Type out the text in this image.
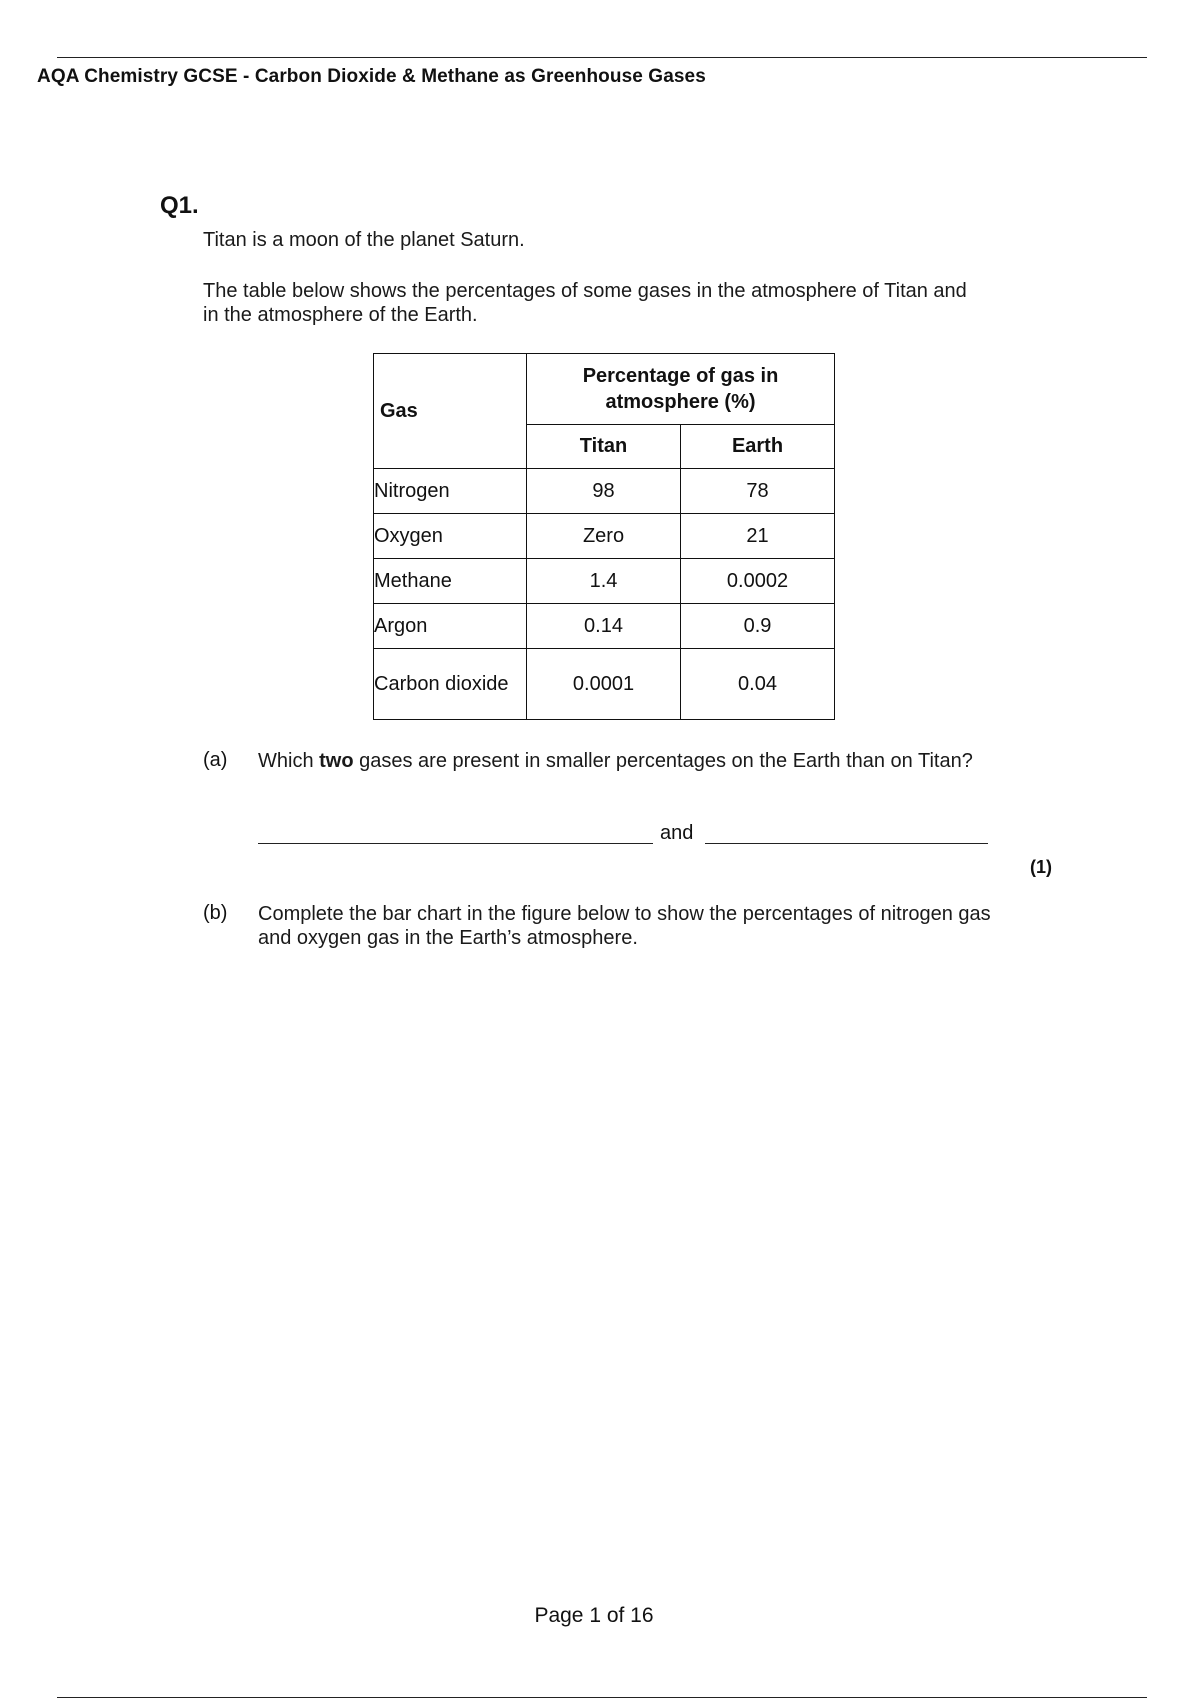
AQA Chemistry GCSE - Carbon Dioxide & Methane as Greenhouse Gases
Q1.
Titan is a moon of the planet Saturn.
The table below shows the percentages of some gases in the atmosphere of Titan and in the atmosphere of the Earth.
Gas	Percentage of gas in atmosphere (%)	
	Titan	Earth
Nitrogen	98	78
Oxygen	Zero	21
Methane	1.4	0.0002
Argon	0.14	0.9
Carbon dioxide	0.0001	0.04
(a) Which two gases are present in smaller percentages on the Earth than on Titan?
and
(1)
(b) Complete the bar chart in the figure below to show the percentages of nitrogen gas and oxygen gas in the Earth’s atmosphere.
Page 1 of 16
